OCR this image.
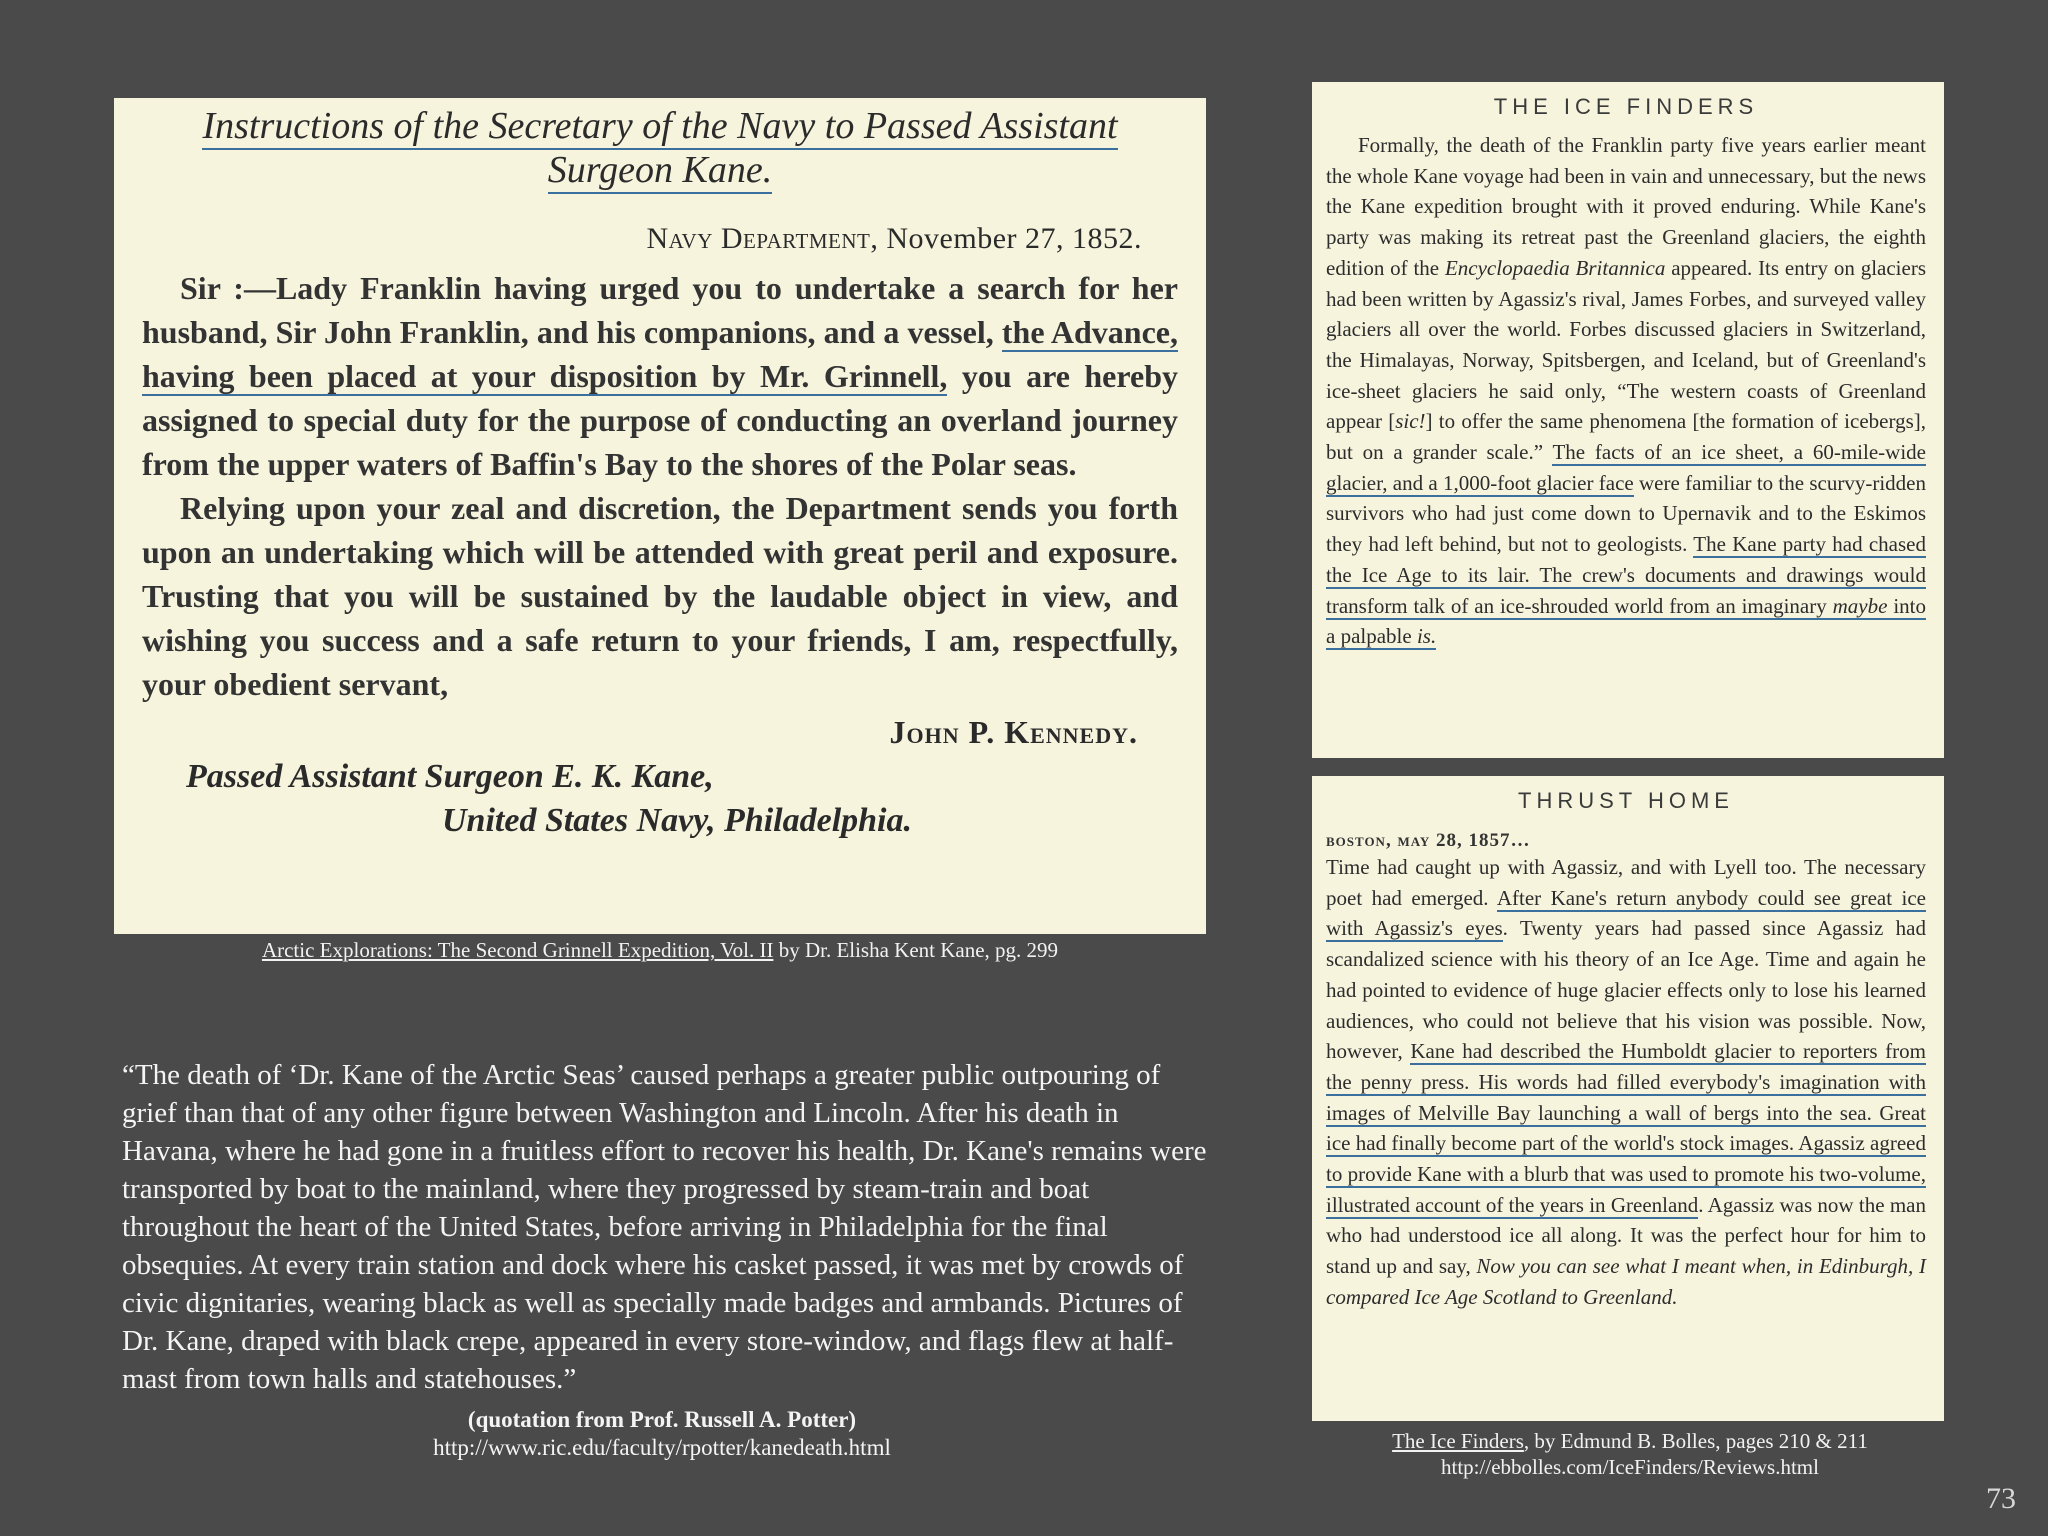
Instructions of the Secretary of the Navy to Passed Assistant
Surgeon Kane.
Navy Department, November 27, 1852.

Sir :—Lady Franklin having urged you to undertake a search for her husband, Sir John Franklin, and his companions, and a vessel, the Advance, having been placed at your disposition by Mr. Grinnell, you are hereby assigned to special duty for the purpose of conducting an overland journey from the upper waters of Baffin's Bay to the shores of the Polar seas.

Relying upon your zeal and discretion, the Department sends you forth upon an undertaking which will be attended with great peril and exposure. Trusting that you will be sustained by the laudable object in view, and wishing you success and a safe return to your friends, I am, respectfully, your obedient servant,

John P. Kennedy.
Passed Assistant Surgeon E. K. Kane,
United States Navy, Philadelphia.
Arctic Explorations: The Second Grinnell Expedition, Vol. II by Dr. Elisha Kent Kane, pg. 299
“The death of ‘Dr. Kane of the Arctic Seas’ caused perhaps a greater public outpouring of grief than that of any other figure between Washington and Lincoln. After his death in Havana, where he had gone in a fruitless effort to recover his health, Dr. Kane's remains were transported by boat to the mainland, where they progressed by steam-train and boat throughout the heart of the United States, before arriving in Philadelphia for the final obsequies. At every train station and dock where his casket passed, it was met by crowds of civic dignitaries, wearing black as well as specially made badges and armbands. Pictures of Dr. Kane, draped with black crepe, appeared in every store-window, and flags flew at half-mast from town halls and statehouses.”
(quotation from Prof. Russell A. Potter)
http://www.ric.edu/faculty/rpotter/kanedeath.html
THE ICE FINDERS

Formally, the death of the Franklin party five years earlier meant the whole Kane voyage had been in vain and unnecessary, but the news the Kane expedition brought with it proved enduring. While Kane's party was making its retreat past the Greenland glaciers, the eighth edition of the Encyclopaedia Britannica appeared. Its entry on glaciers had been written by Agassiz's rival, James Forbes, and surveyed valley glaciers all over the world. Forbes discussed glaciers in Switzerland, the Himalayas, Norway, Spitsbergen, and Iceland, but of Greenland's ice-sheet glaciers he said only, “The western coasts of Greenland appear [sic!] to offer the same phenomena [the formation of icebergs], but on a grander scale.” The facts of an ice sheet, a 60-mile-wide glacier, and a 1,000-foot glacier face were familiar to the scurvy-ridden survivors who had just come down to Upernavik and to the Eskimos they had left behind, but not to geologists. The Kane party had chased the Ice Age to its lair. The crew's documents and drawings would transform talk of an ice-shrouded world from an imaginary maybe into a palpable is.

THRUST HOME
boston, may 28, 1857…

Time had caught up with Agassiz, and with Lyell too. The necessary poet had emerged. After Kane's return anybody could see great ice with Agassiz's eyes. Twenty years had passed since Agassiz had scandalized science with his theory of an Ice Age. Time and again he had pointed to evidence of huge glacier effects only to lose his learned audiences, who could not believe that his vision was possible. Now, however, Kane had described the Humboldt glacier to reporters from the penny press. His words had filled everybody's imagination with images of Melville Bay launching a wall of bergs into the sea. Great ice had finally become part of the world's stock images. Agassiz agreed to provide Kane with a blurb that was used to promote his two-volume, illustrated account of the years in Greenland. Agassiz was now the man who had understood ice all along. It was the perfect hour for him to stand up and say, Now you can see what I meant when, in Edinburgh, I compared Ice Age Scotland to Greenland.

The Ice Finders, by Edmund B. Bolles, pages 210 & 211
http://ebbolles.com/IceFinders/Reviews.html
73
